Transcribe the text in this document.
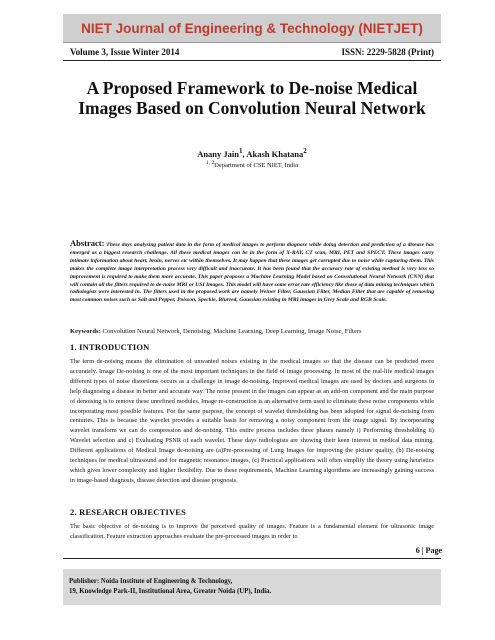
NIET Journal of Engineering & Technology (NIETJET)
Volume 3, Issue Winter 2014	ISSN: 2229-5828 (Print)
A Proposed Framework to De-noise Medical Images Based on Convolution Neural Network
Anany Jain$^1$, Akash Khatana$^2$
$^{1, 2}$Department of CSE NIET, India
Abstract: These days analysing patient data in the form of medical images to perform diagnose while doing detection and prediction of a disease has emerged as a biggest research challenge. All these medical images can be in the form of X-RAY, CT scan, MRI, PET and SPECT. These images carry intimate information about heart, brain, nerves etc within themselves. It may happen that these images get corrupted due to noise while capturing them. This makes the complete image interpretation process very difficult and inaccurate. It has been found that the accuracy rate of existing method is very less so improvement is required to make them more accurate. This paper proposes a Machine Learning Model based on Convolutional Neural Network (CNN) that will contain all the filters required to de-noise MRI or USI Images. This model will have some error rate efficiency like those of data mining techniques which radiologists were interested in. The filters used in the proposed work are namely Weiner Filter, Gaussian Filter, Median Filter that are capable of removing most common noises such as Salt and Pepper, Poisson, Speckle, Blurred, Gaussian existing in MRI images in Grey Scale and RGB Scale.
Keywords: Convolution Neural Network, Denoising, Machine Learning, Deep Learning, Image Noise, Filters
1. INTRODUCTION
The term de-noising means the elimination of unwanted noises existing in the medical images so that the disease can be predicted more accurately. Image De-noising is one of the most important techniques in the field of image processing. In most of the real-life medical images different types of noise distortions occurs as a challenge in image de-noising. Improved medical images are used by doctors and surgeons to help diagnosing a disease in better and accurate way. The noise present in the images can appear as an add-on component and the main purpose of denoising is to remove these unrefined modules. Image re-construction is an alternative term used to eliminate these noise components while incorporating most possible features. For the same purpose, the concept of wavelet thresholding has been adopted for signal de-noising from centuries. This is because the wavelet provides a suitable basis for removing a noisy component from the image signal. By incorporating wavelet transform we can do compression and de-noising. This entire process includes three phases namely i) Performing thresholding ii) Wavelet selection and c) Evaluating PSNR of each wavelet. These days radiologists are showing their keen interest in medical data mining. Different applications of Medical Image de-noising are (a)Pre-processing of Lung Images for improving the picture quality, (b) De-noising techniques for medical ultrasound and for magnetic resonance images, (c) Practical applications will often simplify the theory using heuristics which gives lower complexity and higher flexibility. Due to these requirements, Machine Learning algorithms are increasingly gaining success in image-based diagnosis, disease detection and disease prognosis.
2. RESEARCH OBJECTIVES
The basic objective of de-noising is to improve the perceived quality of images. Feature is a fundamental element for ultrasonic image classification. Feature extraction approaches evaluate the pre-processed images in order to
6 | Page
Publisher: Noida Institute of Engineering & Technology,
19, Knowledge Park-II, Institutional Area, Greater Noida (UP), India.
